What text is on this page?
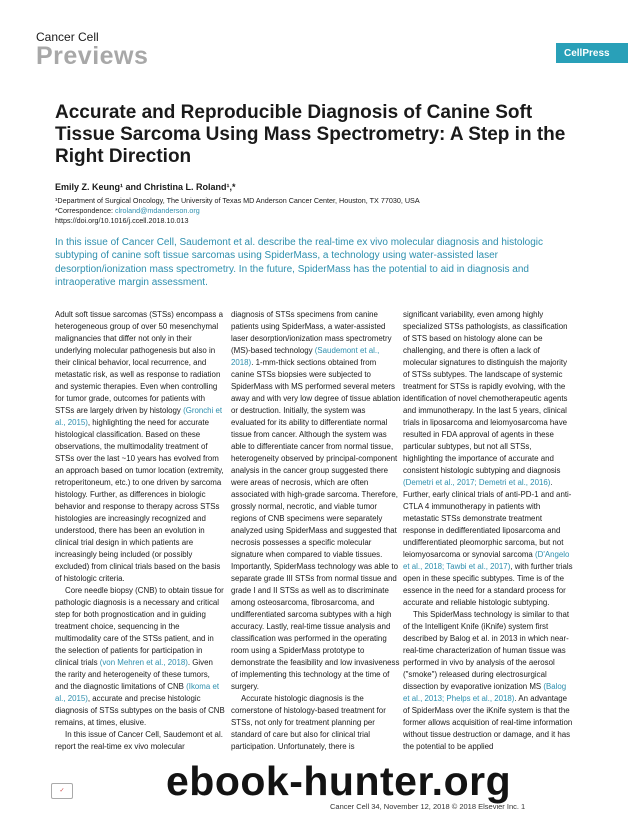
Cancer Cell
Previews	CellPress
Accurate and Reproducible Diagnosis of Canine Soft Tissue Sarcoma Using Mass Spectrometry: A Step in the Right Direction
Emily Z. Keung¹ and Christina L. Roland¹,*
¹Department of Surgical Oncology, The University of Texas MD Anderson Cancer Center, Houston, TX 77030, USA
*Correspondence: clroland@mdanderson.org
https://doi.org/10.1016/j.ccell.2018.10.013
In this issue of Cancer Cell, Saudemont et al. describe the real-time ex vivo molecular diagnosis and histologic subtyping of canine soft tissue sarcomas using SpiderMass, a technology using water-assisted laser desorption/ionization mass spectrometry. In the future, SpiderMass has the potential to aid in diagnosis and intraoperative margin assessment.

Adult soft tissue sarcomas (STSs) encompass a heterogeneous group of over 50 mesenchymal malignancies that differ not only in their underlying molecular pathogenesis but also in their clinical behavior, local recurrence, and metastatic risk, as well as response to radiation and systemic therapies. Even when controlling for tumor grade, outcomes for patients with STSs are largely driven by histology (Gronchi et al., 2015), highlighting the need for accurate histological classification. Based on these observations, the multimodality treatment of STSs over the last ~10 years has evolved from an approach based on tumor location (extremity, retroperitoneum, etc.) to one driven by sarcoma histology. Further, as differences in biologic behavior and response to therapy across STSs histologies are increasingly recognized and understood, there has been an evolution in clinical trial design in which patients are increasingly being included (or possibly excluded) from clinical trials based on the basis of histologic criteria.

Core needle biopsy (CNB) to obtain tissue for pathologic diagnosis is a necessary and critical step for both prognostication and in guiding treatment choice, sequencing in the multimodality care of the STSs patient, and in the selection of patients for participation in clinical trials (von Mehren et al., 2018). Given the rarity and heterogeneity of these tumors, and the diagnostic limitations of CNB (Ikoma et al., 2015), accurate and precise histologic diagnosis of STSs subtypes on the basis of CNB remains, at times, elusive.

In this issue of Cancer Cell, Saudemont et al. report the real-time ex vivo molecular

diagnosis of STSs specimens from canine patients using SpiderMass, a water-assisted laser desorption/ionization mass spectrometry (MS)-based technology (Saudemont et al., 2018). 1-mm-thick sections obtained from canine STSs biopsies were subjected to SpiderMass with MS performed several meters away and with very low degree of tissue ablation or destruction. Initially, the system was evaluated for its ability to differentiate normal tissue from cancer. Although the system was able to differentiate cancer from normal tissue, heterogeneity observed by principal-component analysis in the cancer group suggested there were areas of necrosis, which are often associated with high-grade sarcoma. Therefore, grossly normal, necrotic, and viable tumor regions of CNB specimens were separately analyzed using SpiderMass and suggested that necrosis possesses a specific molecular signature when compared to viable tissues. Importantly, SpiderMass technology was able to separate grade III STSs from normal tissue and grade I and II STSs as well as to discriminate among osteosarcoma, fibrosarcoma, and undifferentiated sarcoma subtypes with a high accuracy. Lastly, real-time tissue analysis and classification was performed in the operating room using a SpiderMass prototype to demonstrate the feasibility and low invasiveness of implementing this technology at the time of surgery.

Accurate histologic diagnosis is the cornerstone of histology-based treatment for STSs, not only for treatment planning per standard of care but also for clinical trial participation. Unfortunately, there is

significant variability, even among highly specialized STSs pathologists, as classification of STS based on histology alone can be challenging, and there is often a lack of molecular signatures to distinguish the majority of STSs subtypes. The landscape of systemic treatment for STSs is rapidly evolving, with the identification of novel chemotherapeutic agents and immunotherapy. In the last 5 years, clinical trials in liposarcoma and leiomyosarcoma have resulted in FDA approval of agents in these particular subtypes, but not all STSs, highlighting the importance of accurate and consistent histologic subtyping and diagnosis (Demetri et al., 2017; Demetri et al., 2016). Further, early clinical trials of anti-PD-1 and anti-CTLA 4 immunotherapy in patients with metastatic STSs demonstrate treatment response in dedifferentiated liposarcoma and undifferentiated pleomorphic sarcoma, but not leiomyosarcoma or synovial sarcoma (D'Angelo et al., 2018; Tawbi et al., 2017), with further trials open in these specific subtypes. Time is of the essence in the need for a standard process for accurate and reliable histologic subtyping.

This SpiderMass technology is similar to that of the Intelligent Knife (iKnife) system first described by Balog et al. in 2013 in which near-real-time characterization of human tissue was performed in vivo by analysis of the aerosol ("smoke") released during electrosurgical dissection by evaporative ionization MS (Balog et al., 2013; Phelps et al., 2018). An advantage of SpiderMass over the iKnife system is that the former allows acquisition of real-time information without tissue destruction or damage, and it has the potential to be applied

✓
Cancer Cell 34, November 12, 2018 © 2018 Elsevier Inc. 1
ebook-hunter.org
